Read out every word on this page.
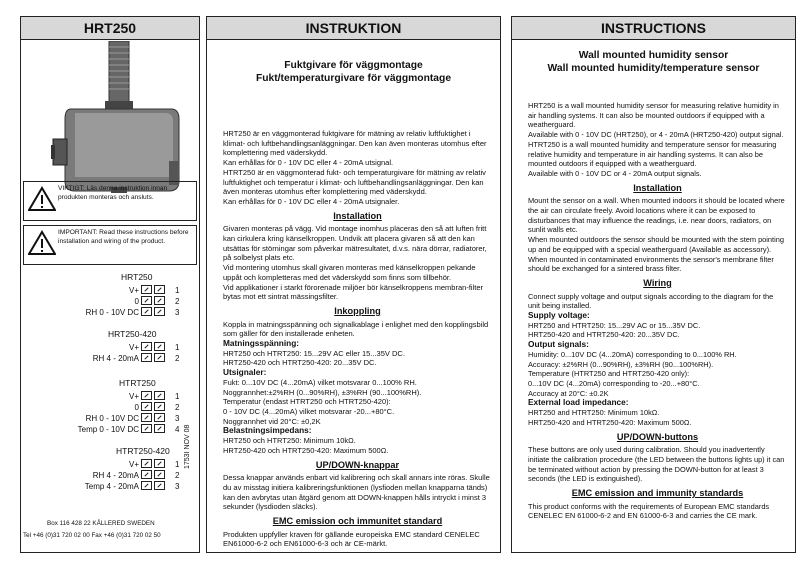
HRT250
VIKTIGT: Läs denna instruktion innan produkten monteras och ansluts.
IMPORTANT: Read these instructions before installation and wiring of the product.
HRT250
V+	1
0	2
RH 0 - 10V DC	3
HRT250-420
V+	1
RH 4 - 20mA	2
HTRT250
V+	1
0	2
RH 0 - 10V DC	3
Temp 0 - 10V DC	4
HTRT250-420
V+	1
RH 4 - 20mA	2
Temp 4 - 20mA	3
1753I NOV 08
Box 116 428 22 KÅLLERED SWEDEN
Tel +46 (0)31 720 02 00 Fax +46 (0)31 720 02 50
INSTRUKTION
Fuktgivare för väggmontage
Fukt/temperaturgivare för väggmontage

HRT250 är en väggmonterad fuktgivare för mätning av relativ luftfuktighet i klimat- och luftbehandlingsanläggningar. Den kan även monteras utomhus efter komplettering med väderskydd.

Kan erhållas för 0 - 10V DC eller 4 - 20mA utsignal.

HTRT250 är en väggmonterad fukt- och temperaturgivare för mätning av relativ luftfuktighet och temperatur i klimat- och luftbehandlingsanläggningar. Den kan även monteras utomhus efter komplettering med väderskydd.

Kan erhållas för 0 - 10V DC eller 4 - 20mA utsignaler.

Installation

Givaren monteras på vägg. Vid montage inomhus placeras den så att luften fritt kan cirkulera kring känselkroppen. Undvik att placera givaren så att den kan utsättas för störningar som påverkar mätresultatet, d.v.s. nära dörrar, radiatorer, på solbelyst plats etc.

Vid montering utomhus skall givaren monteras med känselkroppen pekande uppåt och kompletteras med det väderskydd som finns som tillbehör.

Vid applikationer i starkt förorenade miljöer bör känselkroppens membran-filter bytas mot ett sintrat mässingsfilter.

Inkoppling

Koppla in matningsspänning och signalkablage i enlighet med den kopplingsbild som gäller för den installerade enheten.

Matningsspänning:

HRT250 och HTRT250: 15...29V AC eller 15...35V DC.

HRT250-420 och HTRT250-420: 20...35V DC.

Utsignaler:

Fukt: 0...10V DC (4...20mA) vilket motsvarar 0...100% RH.

Noggrannhet:±2%RH (0...90%RH), ±3%RH (90...100%RH).

Temperatur (endast HTRT250 och HTRT250-420):

0 - 10V DC (4...20mA) vilket motsvarar -20...+80°C.

Noggrannhet vid 20°C: ±0,2K

Belastningsimpedans:

HRT250 och HTRT250: Minimum 10kΩ.

HRT250-420 och HTRT250-420: Maximum 500Ω.

UP/DOWN-knappar

Dessa knappar används enbart vid kalibrering och skall annars inte röras. Skulle du av misstag initiera kalibreringsfunktionen (lysfioden mellan knapparna tänds) kan den avbrytas utan åtgärd genom att DOWN-knappen hålls intryckt i minst 3 sekunder (lysdioden släcks).

EMC emission och immunitet standard

Produkten uppfyller kraven för gällande europeiska EMC standard CENELEC EN61000-6-2 och EN61000-6-3 och är CE-märkt.

INSTRUCTIONS
Wall mounted humidity sensor
Wall mounted humidity/temperature sensor

HRT250 is a wall mounted humidity sensor for measuring relative humidity in air handling systems. It can also be mounted outdoors if equipped with a weatherguard.

Available with 0 - 10V DC (HRT250), or 4 - 20mA (HRT250-420) output signal.

HTRT250 is a wall mounted humidity and temperature sensor for measuring relative humidity and temperature in air handling systems. It can also be mounted outdoors if equipped with a weatherguard.

Available with 0 - 10V DC or 4 - 20mA output signals.

Installation

Mount the sensor on a wall. When mounted indoors it should be located where the air can circulate freely. Avoid locations where it can be exposed to disturbances that may influence the readings, i.e. near doors, radiators, on sunlit walls etc.

When mounted outdoors the sensor should be mounted with the stem pointing up and be equipped with a special weatherguard (Available as accessory).

When mounted in contaminated environments the sensor's membrane filter should be exchanged for a sintered brass filter.

Wiring

Connect supply voltage and output signals according to the diagram for the unit being installed.

Supply voltage:

HRT250 and HTRT250: 15...29V AC or 15...35V DC.

HRT250-420 and HTRT250-420: 20...35V DC.

Output signals:

Humidity: 0...10V DC (4...20mA) corresponding to 0...100% RH.

Accuracy: ±2%RH (0...90%RH), ±3%RH (90...100%RH).

Temperature (HTRT250 and HTRT250-420 only):

0...10V DC (4...20mA) corresponding to -20...+80°C.

Accuracy at 20°C: ±0.2K

External load impedance:

HRT250 and HTRT250: Minimum 10kΩ.

HRT250-420 and HTRT250-420: Maximum 500Ω.

UP/DOWN-buttons

These buttons are only used during calibration. Should you inadvertently initiate the calibration procedure (the LED between the buttons lights up) it can be terminated without action by pressing the DOWN-button for at least 3 seconds (the LED is extinguished).

EMC emission and immunity standards

This product conforms with the requirements of European EMC standards CENELEC EN 61000-6-2 and EN 61000-6-3 and carries the CE mark.
